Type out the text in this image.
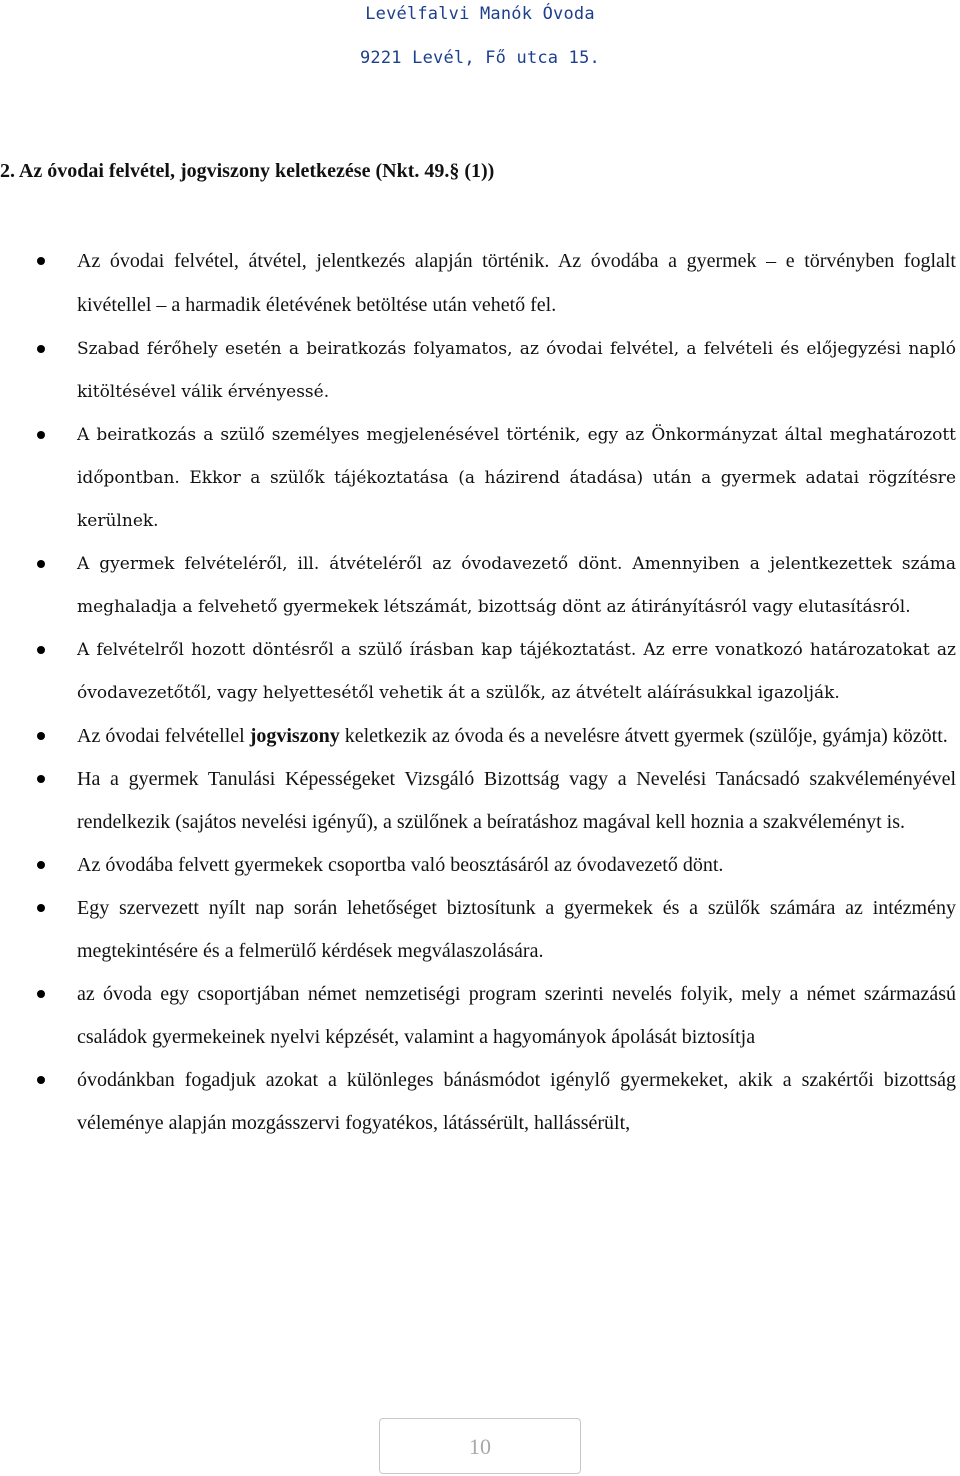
Levélfalvi Manók Óvoda
9221 Levél, Fő utca 15.
2. Az óvodai felvétel, jogviszony keletkezése (Nkt. 49.§ (1))
Az óvodai felvétel, átvétel, jelentkezés alapján történik. Az óvodába a gyermek – e törvényben foglalt kivétellel – a harmadik életévének betöltése után vehető fel.
Szabad férőhely esetén a beiratkozás folyamatos, az óvodai felvétel, a felvételi és előjegyzési napló kitöltésével válik érvényessé.
A beiratkozás a szülő személyes megjelenésével történik, egy az Önkormányzat által meghatározott időpontban. Ekkor a szülők tájékoztatása (a házirend átadása) után a gyermek adatai rögzítésre kerülnek.
A gyermek felvételéről, ill. átvételéről az óvodavezető dönt. Amennyiben a jelentkezettek száma meghaladja a felvehető gyermekek létszámát, bizottság dönt az átirányításról vagy elutasításról.
A felvételről hozott döntésről a szülő írásban kap tájékoztatást. Az erre vonatkozó határozatokat az óvodavezetőtől, vagy helyettesétől vehetik át a szülők, az átvételt aláírásukkal igazolják.
Az óvodai felvétellel jogviszony keletkezik az óvoda és a nevelésre átvett gyermek (szülője, gyámja) között.
Ha a gyermek Tanulási Képességeket Vizsgáló Bizottság vagy a Nevelési Tanácsadó szakvéleményével rendelkezik (sajátos nevelési igényű), a szülőnek a beíratáshoz magával kell hoznia a szakvéleményt is.
Az óvodába felvett gyermekek csoportba való beosztásáról az óvodavezető dönt.
Egy szervezett nyílt nap során lehetőséget biztosítunk a gyermekek és a szülők számára az intézmény megtekintésére és a felmerülő kérdések megválaszolására.
az óvoda egy csoportjában német nemzetiségi program szerinti nevelés folyik, mely a német származású családok gyermekeinek nyelvi képzését, valamint a hagyományok ápolását biztosítja
óvodánkban fogadjuk azokat a különleges bánásmódot igénylő gyermekeket, akik a szakértői bizottság véleménye alapján mozgásszervi fogyatékos, látássérült, hallássérült,
10
